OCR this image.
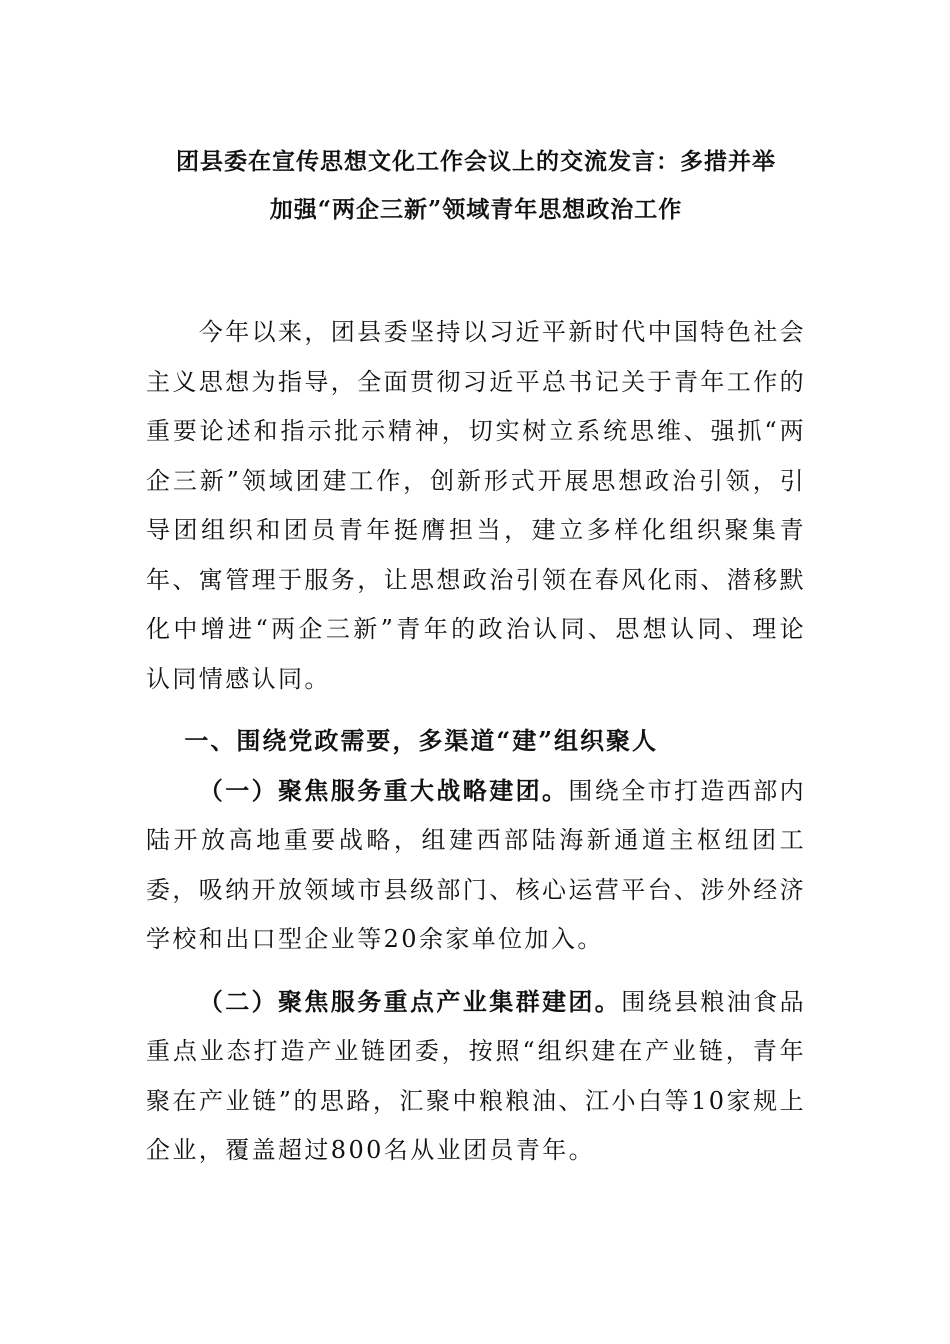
团县委在宣传思想文化工作会议上的交流发言：多措并举
加强“两企三新”领域青年思想政治工作

今年以来，团县委坚持以习近平新时代中国特色社会主义思想为指导，全面贯彻习近平总书记关于青年工作的重要论述和指示批示精神，切实树立系统思维、强抓“两企三新”领域团建工作，创新形式开展思想政治引领，引导团组织和团员青年挺膺担当，建立多样化组织聚集青年、寓管理于服务，让思想政治引领在春风化雨、潜移默化中增进“两企三新”青年的政治认同、思想认同、理论认同情感认同。

一、围绕党政需要，多渠道“建”组织聚人

（一）聚焦服务重大战略建团。围绕全市打造西部内陆开放高地重要战略，组建西部陆海新通道主枢纽团工委，吸纳开放领域市县级部门、核心运营平台、涉外经济学校和出口型企业等20余家单位加入。

（二）聚焦服务重点产业集群建团。围绕县粮油食品重点业态打造产业链团委，按照“组织建在产业链，青年聚在产业链”的思路，汇聚中粮粮油、江小白等10家规上企业，覆盖超过800名从业团员青年。
